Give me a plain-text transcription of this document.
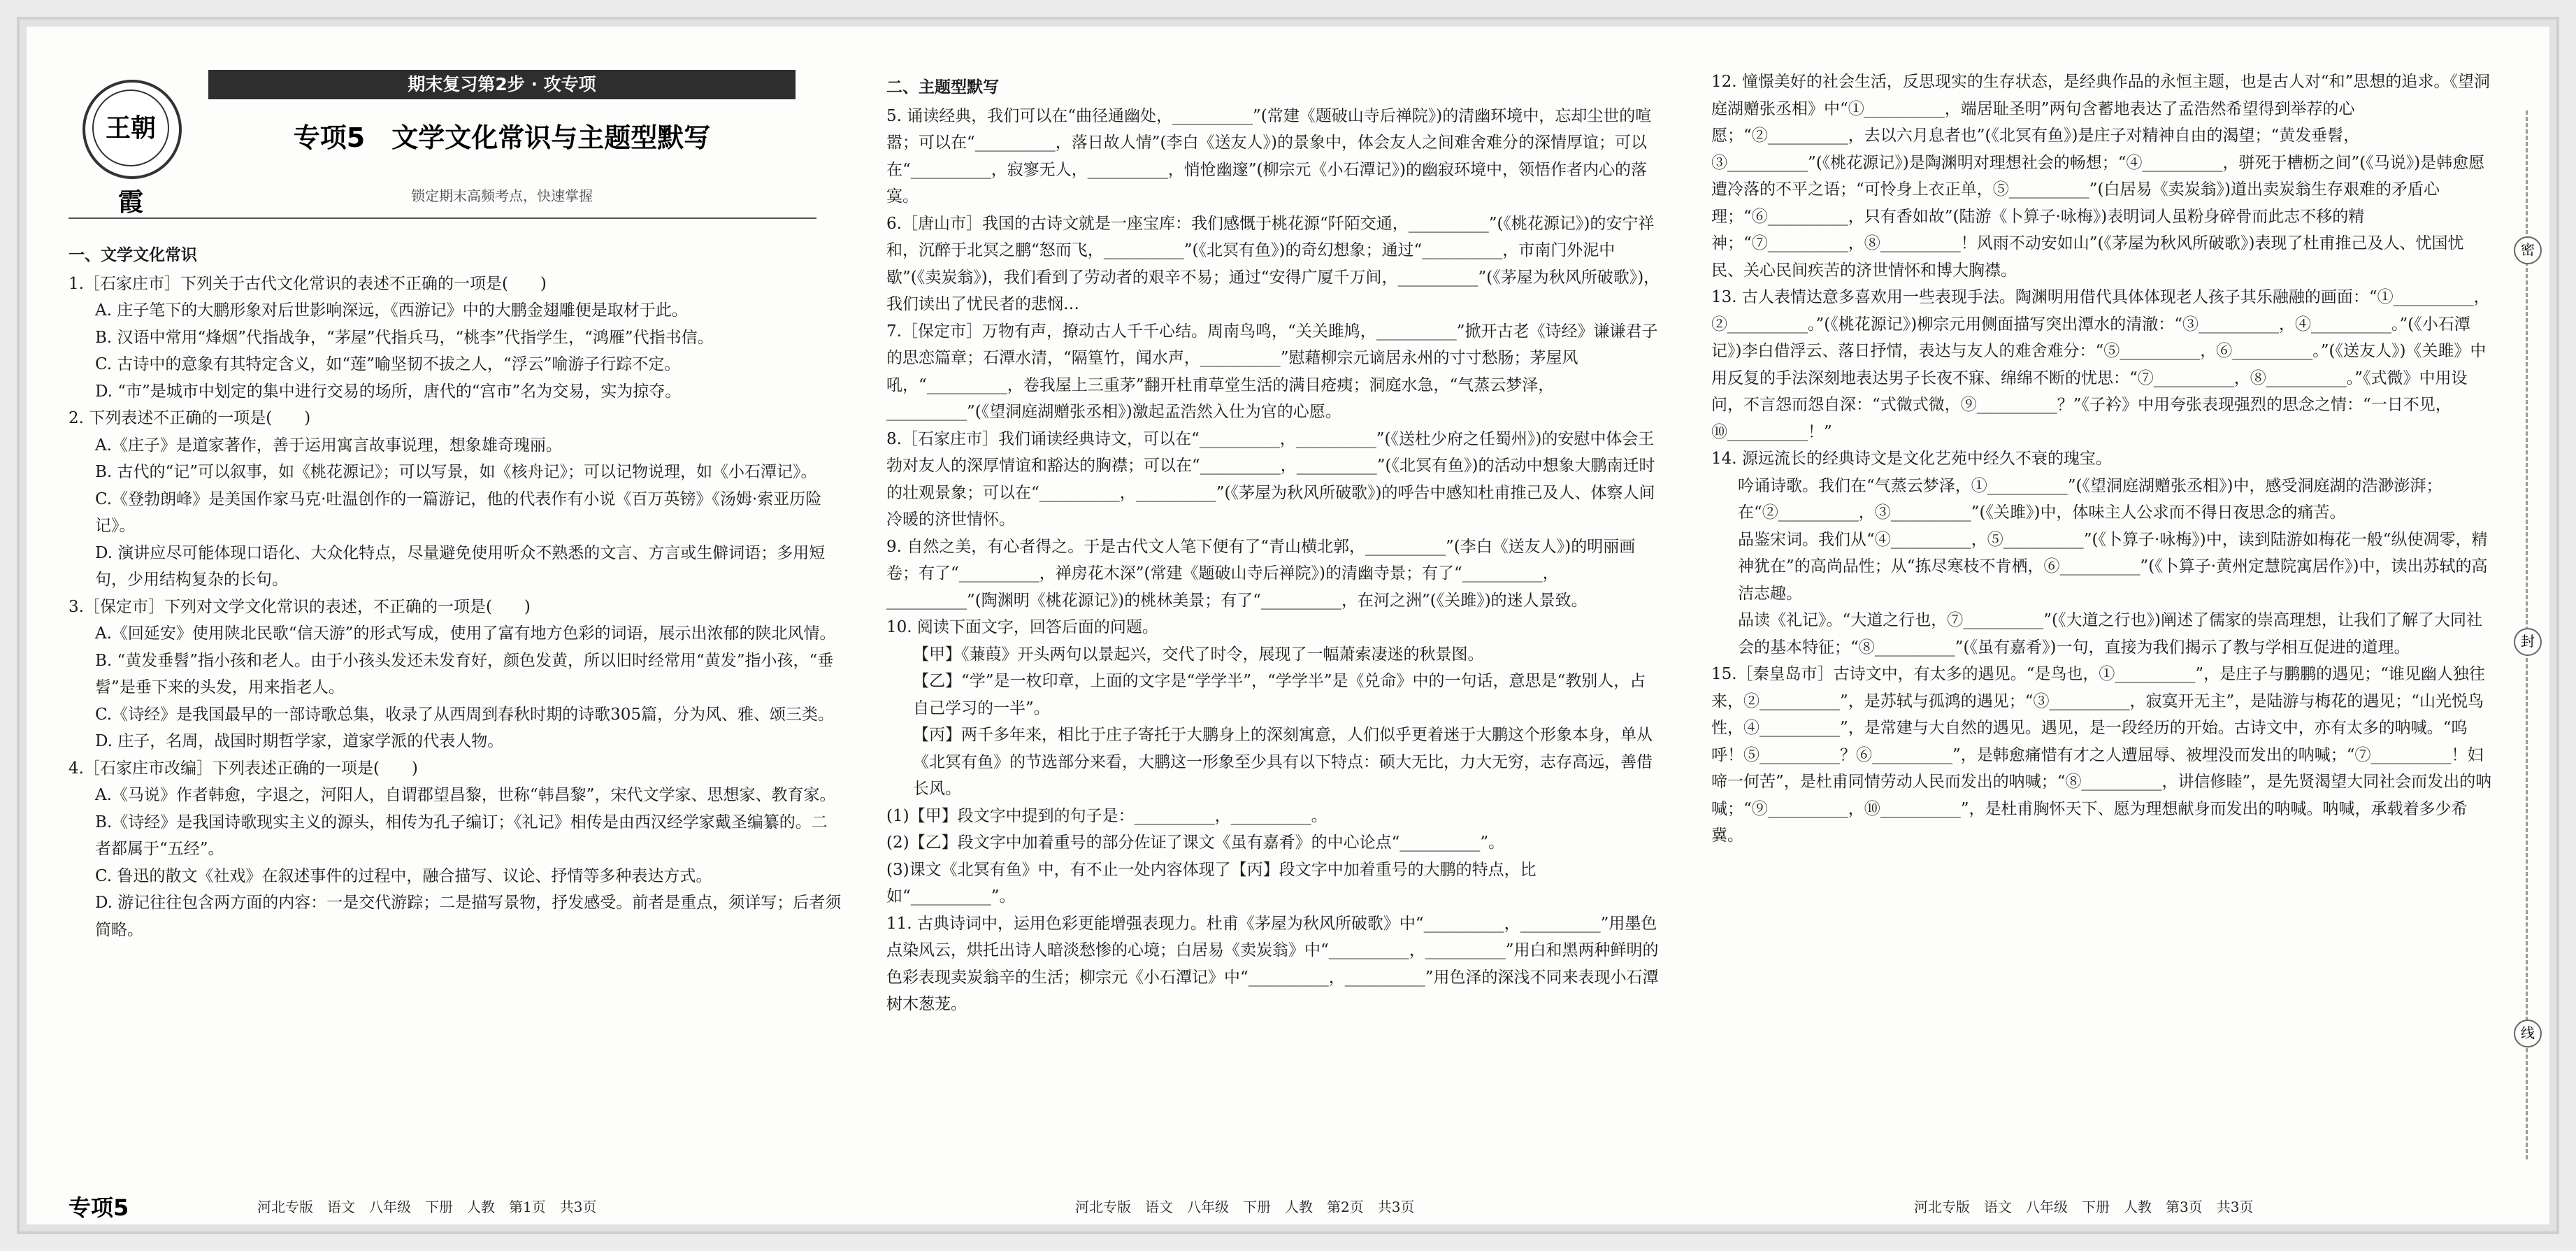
王朝霞
期末复习第2步 · 攻专项
专项5　文学文化常识与主题型默写
锁定期末高频考点，快速掌握

一、文学文化常识

1.［石家庄市］下列关于古代文化常识的表述不正确的一项是(　　)

A. 庄子笔下的大鹏形象对后世影响深远，《西游记》中的大鹏金翅雕便是取材于此。

B. 汉语中常用“烽烟”代指战争，“茅屋”代指兵马，“桃李”代指学生，“鸿雁”代指书信。

C. 古诗中的意象有其特定含义，如“莲”喻坚韧不拔之人，“浮云”喻游子行踪不定。

D. “市”是城市中划定的集中进行交易的场所，唐代的“宫市”名为交易，实为掠夺。

2. 下列表述不正确的一项是(　　)

A.《庄子》是道家著作，善于运用寓言故事说理，想象雄奇瑰丽。

B. 古代的“记”可以叙事，如《桃花源记》；可以写景，如《核舟记》；可以记物说理，如《小石潭记》。

C.《登勃朗峰》是美国作家马克·吐温创作的一篇游记，他的代表作有小说《百万英镑》《汤姆·索亚历险记》。

D. 演讲应尽可能体现口语化、大众化特点，尽量避免使用听众不熟悉的文言、方言或生僻词语；多用短句，少用结构复杂的长句。

3.［保定市］下列对文学文化常识的表述，不正确的一项是(　　)

A.《回延安》使用陕北民歌“信天游”的形式写成，使用了富有地方色彩的词语，展示出浓郁的陕北风情。

B. “黄发垂髫”指小孩和老人。由于小孩头发还未发育好，颜色发黄，所以旧时经常用“黄发”指小孩，“垂髫”是垂下来的头发，用来指老人。

C.《诗经》是我国最早的一部诗歌总集，收录了从西周到春秋时期的诗歌305篇，分为风、雅、颂三类。

D. 庄子，名周，战国时期哲学家，道家学派的代表人物。

4.［石家庄市改编］下列表述正确的一项是(　　)

A.《马说》作者韩愈，字退之，河阳人，自谓郡望昌黎，世称“韩昌黎”，宋代文学家、思想家、教育家。

B.《诗经》是我国诗歌现实主义的源头，相传为孔子编订；《礼记》相传是由西汉经学家戴圣编纂的。二者都属于“五经”。

C. 鲁迅的散文《社戏》在叙述事件的过程中，融合描写、议论、抒情等多种表达方式。

D. 游记往往包含两方面的内容：一是交代游踪；二是描写景物，抒发感受。前者是重点，须详写；后者须简略。

二、主题型默写

5. 诵读经典，我们可以在“曲径通幽处，__________”(常建《题破山寺后禅院》)的清幽环境中，忘却尘世的喧嚣；可以在“__________，落日故人情”(李白《送友人》)的景象中，体会友人之间难舍难分的深情厚谊；可以在“__________，寂寥无人，__________，悄怆幽邃”(柳宗元《小石潭记》)的幽寂环境中，领悟作者内心的落寞。

6.［唐山市］我国的古诗文就是一座宝库：我们感慨于桃花源“阡陌交通，__________”(《桃花源记》)的安宁祥和，沉醉于北冥之鹏“怒而飞，__________”(《北冥有鱼》)的奇幻想象；通过“__________，市南门外泥中歇”(《卖炭翁》)，我们看到了劳动者的艰辛不易；通过“安得广厦千万间，__________”(《茅屋为秋风所破歌》)，我们读出了忧民者的悲悯…

7.［保定市］万物有声，撩动古人千千心结。周南鸟鸣，“关关雎鸠，__________”掀开古老《诗经》谦谦君子的思恋篇章；石潭水清，“隔篁竹，闻水声，__________”慰藉柳宗元谪居永州的寸寸愁肠；茅屋风吼，“__________，卷我屋上三重茅”翻开杜甫草堂生活的满目疮痍；洞庭水急，“气蒸云梦泽，__________”(《望洞庭湖赠张丞相》)激起孟浩然入仕为官的心愿。

8.［石家庄市］我们诵读经典诗文，可以在“__________，__________”(《送杜少府之任蜀州》)的安慰中体会王勃对友人的深厚情谊和豁达的胸襟；可以在“__________，__________”(《北冥有鱼》)的活动中想象大鹏南迁时的壮观景象；可以在“__________，__________”(《茅屋为秋风所破歌》)的呼告中感知杜甫推己及人、体察人间冷暖的济世情怀。

9. 自然之美，有心者得之。于是古代文人笔下便有了“青山横北郭，__________”(李白《送友人》)的明丽画卷；有了“__________，禅房花木深”(常建《题破山寺后禅院》)的清幽寺景；有了“__________，__________”(陶渊明《桃花源记》)的桃林美景；有了“__________，在河之洲”(《关雎》)的迷人景致。

10. 阅读下面文字，回答后面的问题。

【甲】《蒹葭》开头两句以景起兴，交代了时令，展现了一幅萧索凄迷的秋景图。

【乙】“学”是一枚印章，上面的文字是“学学半”，“学学半”是《兑命》中的一句话，意思是“教别人，占自己学习的一半”。

【丙】两千多年来，相比于庄子寄托于大鹏身上的深刻寓意，人们似乎更着迷于大鹏这个形象本身，单从《北冥有鱼》的节选部分来看，大鹏这一形象至少具有以下特点：硕大无比，力大无穷，志存高远，善借长风。

(1)【甲】段文字中提到的句子是：__________，__________。

(2)【乙】段文字中加着重号的部分佐证了课文《虽有嘉肴》的中心论点“__________”。

(3)课文《北冥有鱼》中，有不止一处内容体现了【丙】段文字中加着重号的大鹏的特点，比如“__________”。

11. 古典诗词中，运用色彩更能增强表现力。杜甫《茅屋为秋风所破歌》中“__________，__________”用墨色点染风云，烘托出诗人暗淡愁惨的心境；白居易《卖炭翁》中“__________，__________”用白和黑两种鲜明的色彩表现卖炭翁辛的生活；柳宗元《小石潭记》中“__________，__________”用色泽的深浅不同来表现小石潭树木葱茏。

12. 憧憬美好的社会生活，反思现实的生存状态，是经典作品的永恒主题，也是古人对“和”思想的追求。《望洞庭湖赠张丞相》中“①__________，端居耻圣明”两句含蓄地表达了孟浩然希望得到举荐的心愿；“②__________，去以六月息者也”(《北冥有鱼》)是庄子对精神自由的渴望；“黄发垂髫，③__________”(《桃花源记》)是陶渊明对理想社会的畅想；“④__________，骈死于槽枥之间”(《马说》)是韩愈愿遭冷落的不平之语；“可怜身上衣正单，⑤__________”(白居易《卖炭翁》)道出卖炭翁生存艰难的矛盾心理；“⑥__________，只有香如故”(陆游《卜算子·咏梅》)表明词人虽粉身碎骨而此志不移的精神；“⑦__________，⑧__________！风雨不动安如山”(《茅屋为秋风所破歌》)表现了杜甫推己及人、忧国忧民、关心民间疾苦的济世情怀和博大胸襟。

13. 古人表情达意多喜欢用一些表现手法。陶渊明用借代具体体现老人孩子其乐融融的画面：“①__________，②__________。”(《桃花源记》)柳宗元用侧面描写突出潭水的清澈：“③__________，④__________。”(《小石潭记》)李白借浮云、落日抒情，表达与友人的难舍难分：“⑤__________，⑥__________。”(《送友人》)《关雎》中用反复的手法深刻地表达男子长夜不寐、绵绵不断的忧思：“⑦__________，⑧__________。”《式微》中用设问，不言怨而怨自深：“式微式微，⑨__________？”《子衿》中用夸张表现强烈的思念之情：“一日不见，⑩__________！”

14. 源远流长的经典诗文是文化艺苑中经久不衰的瑰宝。

吟诵诗歌。我们在“气蒸云梦泽，①__________”(《望洞庭湖赠张丞相》)中，感受洞庭湖的浩渺澎湃；在“②__________，③__________”(《关雎》)中，体味主人公求而不得日夜思念的痛苦。

品鉴宋词。我们从“④__________，⑤__________”(《卜算子·咏梅》)中，读到陆游如梅花一般“纵使凋零，精神犹在”的高尚品性；从“拣尽寒枝不肯栖，⑥__________”(《卜算子·黄州定慧院寓居作》)中，读出苏轼的高洁志趣。

品读《礼记》。“大道之行也，⑦__________”(《大道之行也》)阐述了儒家的崇高理想，让我们了解了大同社会的基本特征；“⑧__________”(《虽有嘉肴》)一句，直接为我们揭示了教与学相互促进的道理。

15.［秦皇岛市］古诗文中，有太多的遇见。“是鸟也，①__________”，是庄子与鹏鹏的遇见；“谁见幽人独往来，②__________”，是苏轼与孤鸿的遇见；“③__________，寂寞开无主”，是陆游与梅花的遇见；“山光悦鸟性，④__________”，是常建与大自然的遇见。遇见，是一段经历的开始。古诗文中，亦有太多的呐喊。“呜呼！⑤__________？⑥__________”，是韩愈痛惜有才之人遭屈辱、被埋没而发出的呐喊；“⑦__________！妇啼一何苦”，是杜甫同情劳动人民而发出的呐喊；“⑧__________，讲信修睦”，是先贤渴望大同社会而发出的呐喊；“⑨__________，⑩__________”，是杜甫胸怀天下、愿为理想献身而发出的呐喊。呐喊，承载着多少希冀。

密
封
线
专项5	河北专版　语文　八年级　下册　人教　第1页　共3页	河北专版　语文　八年级　下册　人教　第2页　共3页	河北专版　语文　八年级　下册　人教　第3页　共3页
